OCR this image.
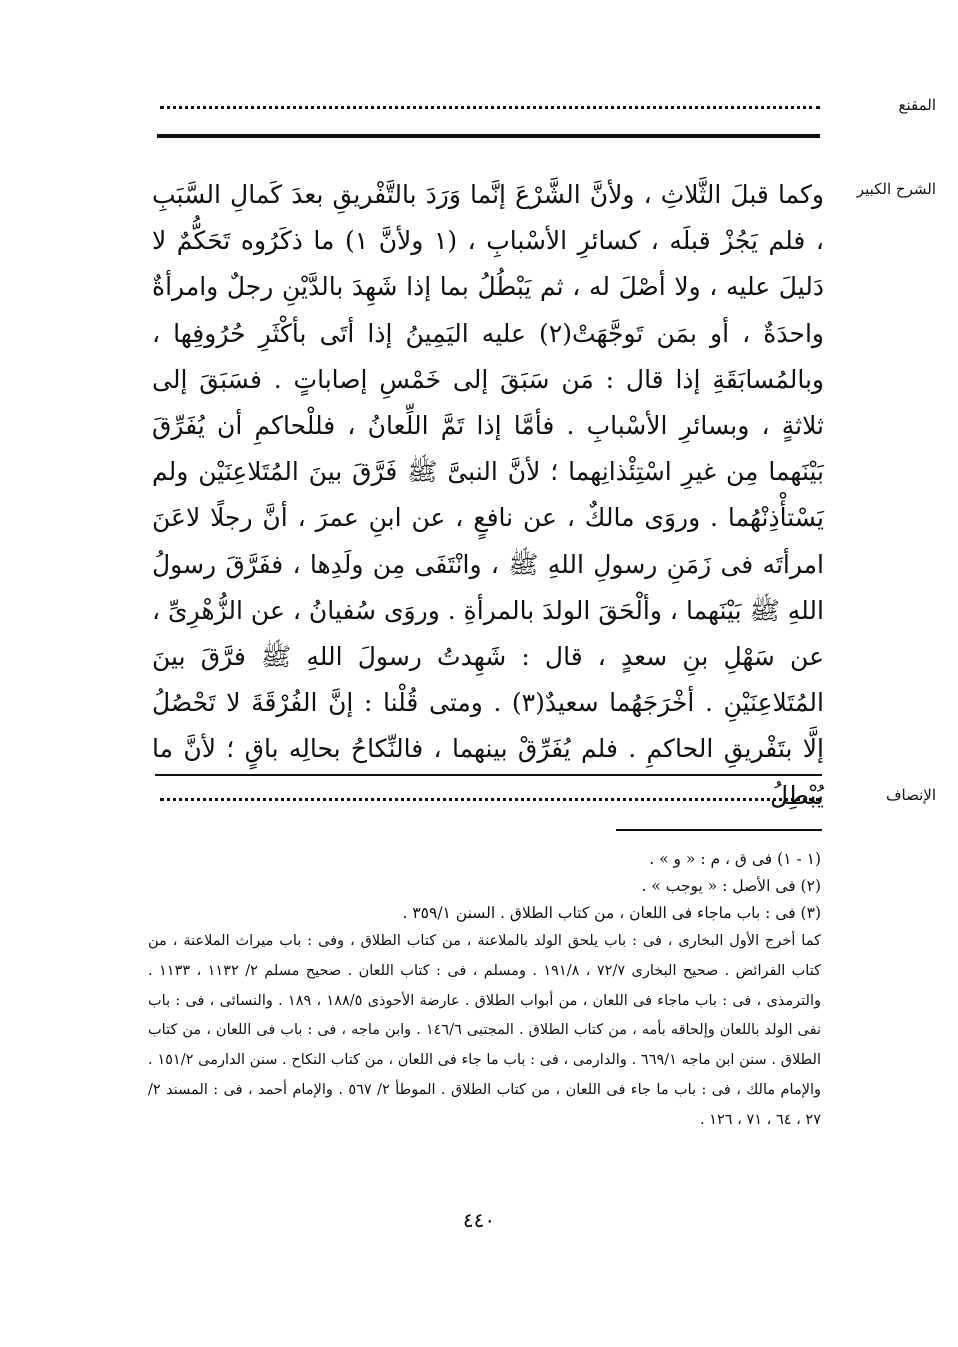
المقنع
الشرح الكبير
وكما قبلَ الثَّلاثِ ، ولأنَّ الشَّرْعَ إنَّما وَرَدَ بالتَّفْريقِ بعدَ كَمالِ السَّبَبِ ، فلم يَجُزْ قبلَه ، كسائرِ الأسْبابِ ، (١ ولأنَّ ١) ما ذكَرُوه تَحَكُّمٌ لا دَليلَ عليه ، ولا أصْلَ له ، ثم يَبْطُلُ بما إذا شَهِدَ بالدَّيْنِ رجلٌ وامرأةٌ واحدَةٌ ، أو بمَن تَوجَّهَتْ(٢) عليه اليَمِينُ إذا أتَى بأكْثَرِ حُرُوفِها ، وبالمُسابَقَةِ إذا قال : مَن سَبَقَ إلى خَمْسِ إصاباتٍ . فسَبَقَ إلى ثلاثةٍ ، وبسائرِ الأسْبابِ . فأمَّا إذا تَمَّ اللِّعانُ ، فللْحاكمِ أن يُفَرِّقَ بَيْنَهما مِن غيرِ اسْتِئْذانِهما ؛ لأنَّ النبىَّ ﷺ فَرَّقَ بينَ المُتَلاعِنَيْن ولم يَسْتأْذِنْهُما . وروَى مالكٌ ، عن نافعٍ ، عن ابنِ عمرَ ، أنَّ رجلًا لاعَنَ امرأتَه فى زَمَنِ رسولِ اللهِ ﷺ ، وانْتَفَى مِن ولَدِها ، ففَرَّقَ رسولُ اللهِ ﷺ بَيْنَهما ، وألْحَقَ الولدَ بالمرأةِ . وروَى سُفيانُ ، عن الزُّهْرِىِّ ، عن سَهْلِ بنِ سعدٍ ، قال : شَهِدتُ رسولَ اللهِ ﷺ فرَّقَ بينَ المُتَلاعِنَيْنِ . أخْرَجَهُما سعيدٌ(٣) . ومتى قُلْنا : إنَّ الفُرْقَةَ لا تَحْصُلُ إلَّا بتَفْريقِ الحاكمِ . فلم يُفَرِّقْ بينهما ، فالنِّكاحُ بحالِه باقٍ ؛ لأنَّ ما يُبْطِلُ	الإنصاف

(١ - ١) فى ق ، م : « و » .

(٢) فى الأصل : « يوجب » .

(٣) فى : باب ماجاء فى اللعان ، من كتاب الطلاق . السنن ٣٥٩/١ .

كما أخرج الأول البخارى ، فى : باب يلحق الولد بالملاعنة ، من كتاب الطلاق ، وفى : باب ميراث الملاعنة ، من كتاب الفرائض . صحيح البخارى ٧٢/٧ ، ١٩١/٨ . ومسلم ، فى : كتاب اللعان . صحيح مسلم ٢/ ١١٣٢ ، ١١٣٣ . والترمذى ، فى : باب ماجاء فى اللعان ، من أبواب الطلاق . عارضة الأحوذى ١٨٨/٥ ، ١٨٩ . والنسائى ، فى : باب نفى الولد باللعان وإلحاقه بأمه ، من كتاب الطلاق . المجتبى ١٤٦/٦ . وابن ماجه ، فى : باب فى اللعان ، من كتاب الطلاق . سنن ابن ماجه ٦٦٩/١ . والدارمى ، فى : باب ما جاء فى اللعان ، من كتاب النكاح . سنن الدارمى ١٥١/٢ . والإمام مالك ، فى : باب ما جاء فى اللعان ، من كتاب الطلاق . الموطأ ٢/ ٥٦٧ . والإمام أحمد ، فى : المسند ٢/ ٢٧ ، ٦٤ ، ٧١ ، ١٢٦ .

٤٤٠
